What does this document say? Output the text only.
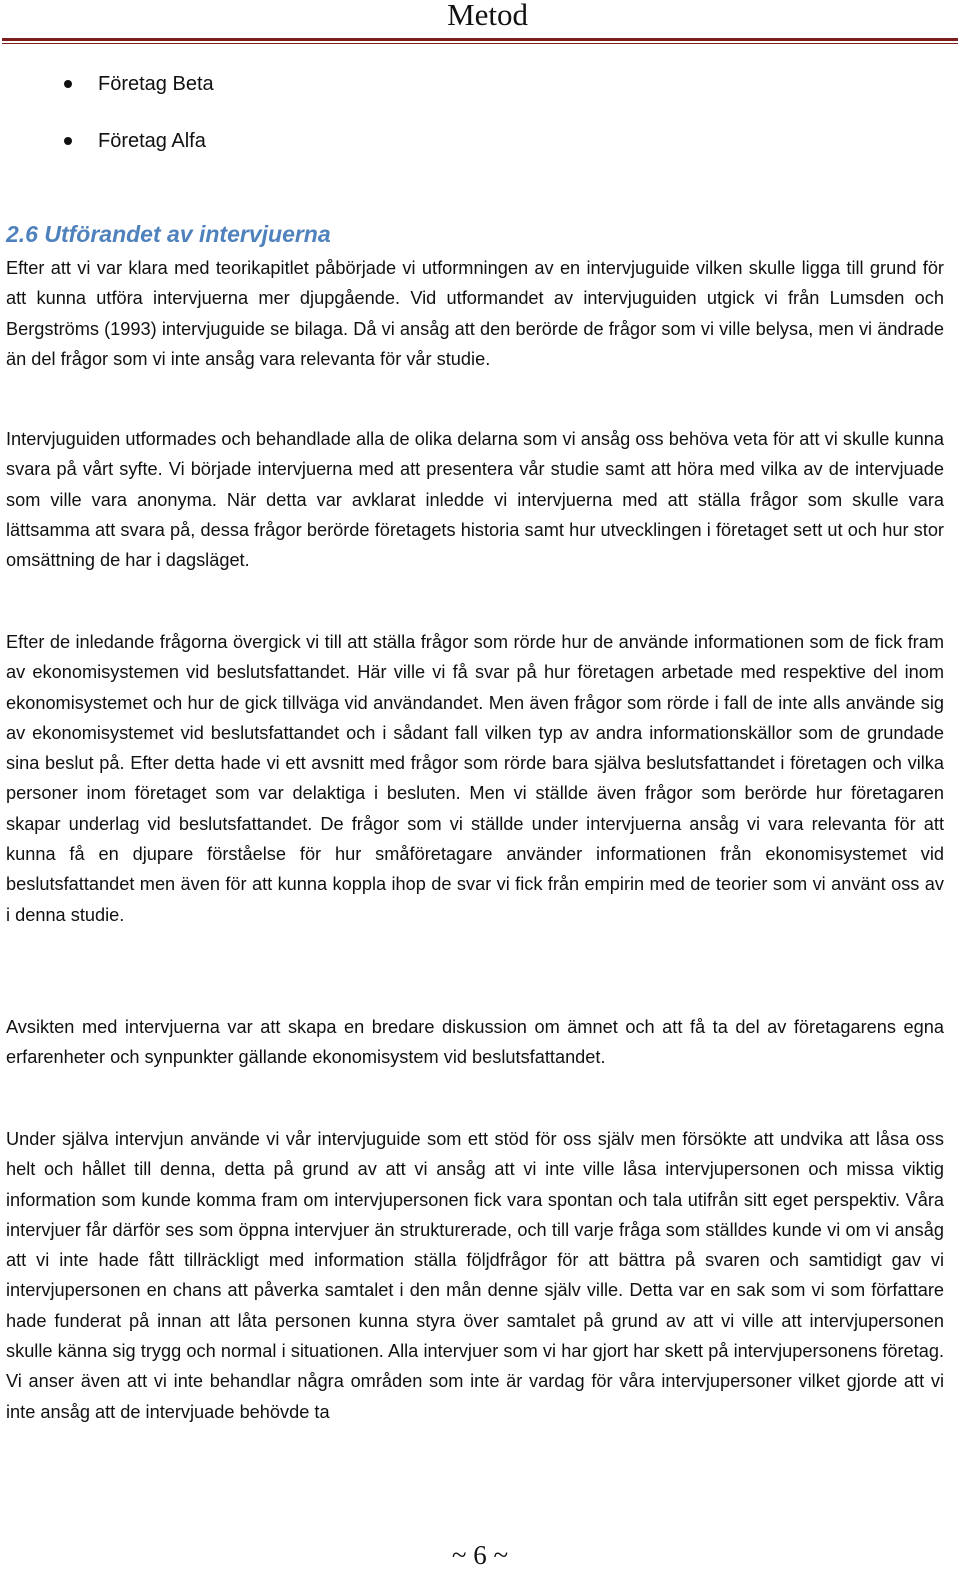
Metod
Företag Beta
Företag Alfa
2.6 Utförandet av intervjuerna

Efter att vi var klara med teorikapitlet påbörjade vi utformningen av en intervjuguide vilken skulle ligga till grund för att kunna utföra intervjuerna mer djupgående. Vid utformandet av intervjuguiden utgick vi från Lumsden och Bergströms (1993) intervjuguide se bilaga. Då vi ansåg att den berörde de frågor som vi ville belysa, men vi ändrade än del frågor som vi inte ansåg vara relevanta för vår studie.

Intervjuguiden utformades och behandlade alla de olika delarna som vi ansåg oss behöva veta för att vi skulle kunna svara på vårt syfte. Vi började intervjuerna med att presentera vår studie samt att höra med vilka av de intervjuade som ville vara anonyma. När detta var avklarat inledde vi intervjuerna med att ställa frågor som skulle vara lättsamma att svara på, dessa frågor berörde företagets historia samt hur utvecklingen i företaget sett ut och hur stor omsättning de har i dagsläget.

Efter de inledande frågorna övergick vi till att ställa frågor som rörde hur de använde informationen som de fick fram av ekonomisystemen vid beslutsfattandet. Här ville vi få svar på hur företagen arbetade med respektive del inom ekonomisystemet och hur de gick tillväga vid användandet. Men även frågor som rörde i fall de inte alls använde sig av ekonomisystemet vid beslutsfattandet och i sådant fall vilken typ av andra informationskällor som de grundade sina beslut på. Efter detta hade vi ett avsnitt med frågor som rörde bara själva beslutsfattandet i företagen och vilka personer inom företaget som var delaktiga i besluten. Men vi ställde även frågor som berörde hur företagaren skapar underlag vid beslutsfattandet. De frågor som vi ställde under intervjuerna ansåg vi vara relevanta för att kunna få en djupare förståelse för hur småföretagare använder informationen från ekonomisystemet vid beslutsfattandet men även för att kunna koppla ihop de svar vi fick från empirin med de teorier som vi använt oss av i denna studie.

Avsikten med intervjuerna var att skapa en bredare diskussion om ämnet och att få ta del av företagarens egna erfarenheter och synpunkter gällande ekonomisystem vid beslutsfattandet.

Under själva intervjun använde vi vår intervjuguide som ett stöd för oss själv men försökte att undvika att låsa oss helt och hållet till denna, detta på grund av att vi ansåg att vi inte ville låsa intervjupersonen och missa viktig information som kunde komma fram om intervjupersonen fick vara spontan och tala utifrån sitt eget perspektiv. Våra intervjuer får därför ses som öppna intervjuer än strukturerade, och till varje fråga som ställdes kunde vi om vi ansåg att vi inte hade fått tillräckligt med information ställa följdfrågor för att bättra på svaren och samtidigt gav vi intervjupersonen en chans att påverka samtalet i den mån denne själv ville. Detta var en sak som vi som författare hade funderat på innan att låta personen kunna styra över samtalet på grund av att vi ville att intervjupersonen skulle känna sig trygg och normal i situationen. Alla intervjuer som vi har gjort har skett på intervjupersonens företag. Vi anser även att vi inte behandlar några områden som inte är vardag för våra intervjupersoner vilket gjorde att vi inte ansåg att de intervjuade behövde ta

~ 6 ~
